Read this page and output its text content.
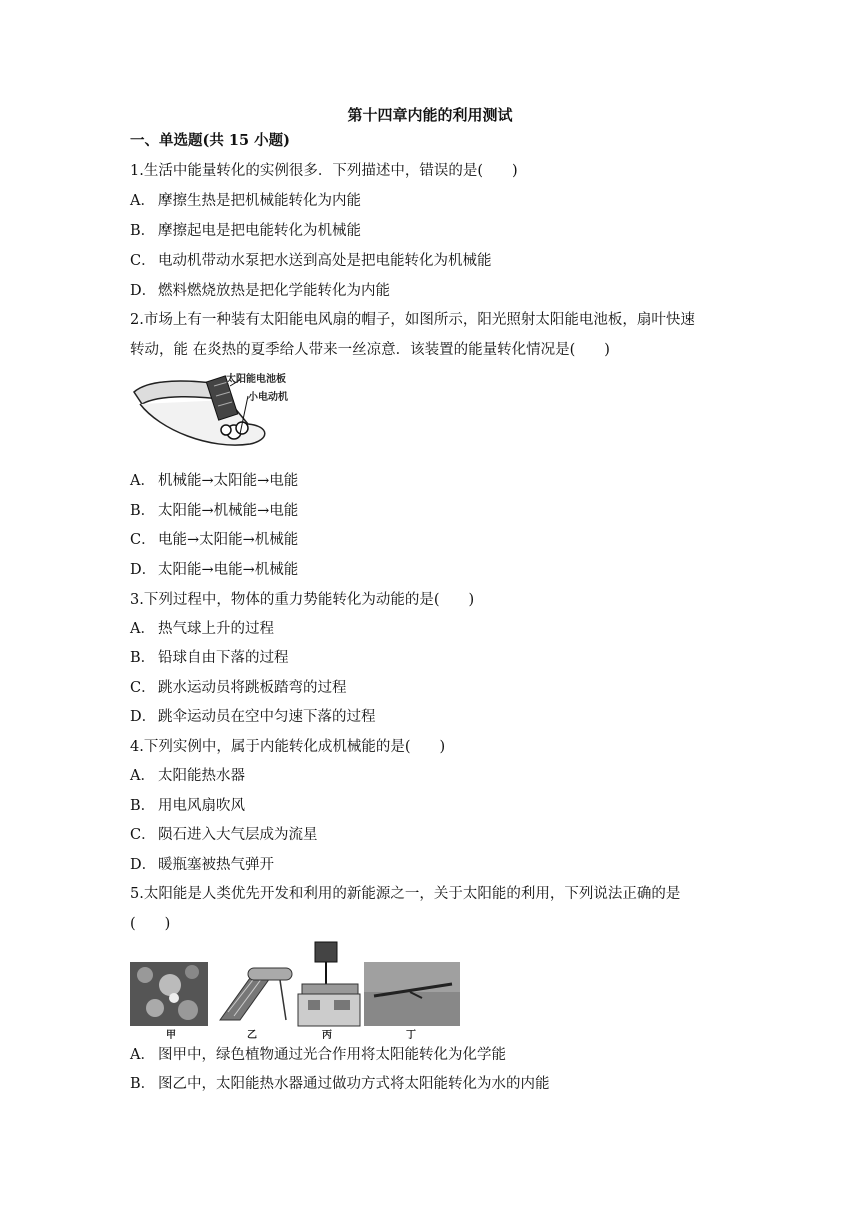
第十四章内能的利用测试
一、单选题(共 15 小题)
1.生活中能量转化的实例很多．下列描述中，错误的是(　　)
A． 摩擦生热是把机械能转化为内能
B． 摩擦起电是把电能转化为机械能
C． 电动机带动水泵把水送到高处是把电能转化为机械能
D． 燃料燃烧放热是把化学能转化为内能
2.市场上有一种装有太阳能电风扇的帽子，如图所示，阳光照射太阳能电池板，扇叶快速
转动，能 在炎热的夏季给人带来一丝凉意．该装置的能量转化情况是(　　)
太阳能电池板
小电动机
A． 机械能→太阳能→电能
B． 太阳能→机械能→电能
C． 电能→太阳能→机械能
D． 太阳能→电能→机械能
3.下列过程中，物体的重力势能转化为动能的是(　　)
A． 热气球上升的过程
B． 铅球自由下落的过程
C． 跳水运动员将跳板踏弯的过程
D． 跳伞运动员在空中匀速下落的过程
4.下列实例中，属于内能转化成机械能的是(　　)
A． 太阳能热水器
B． 用电风扇吹风
C． 陨石进入大气层成为流星
D． 暖瓶塞被热气弹开
5.太阳能是人类优先开发和利用的新能源之一，关于太阳能的利用，下列说法正确的是
(　　)
甲	乙	丙	丁
A． 图甲中，绿色植物通过光合作用将太阳能转化为化学能
B． 图乙中，太阳能热水器通过做功方式将太阳能转化为水的内能
